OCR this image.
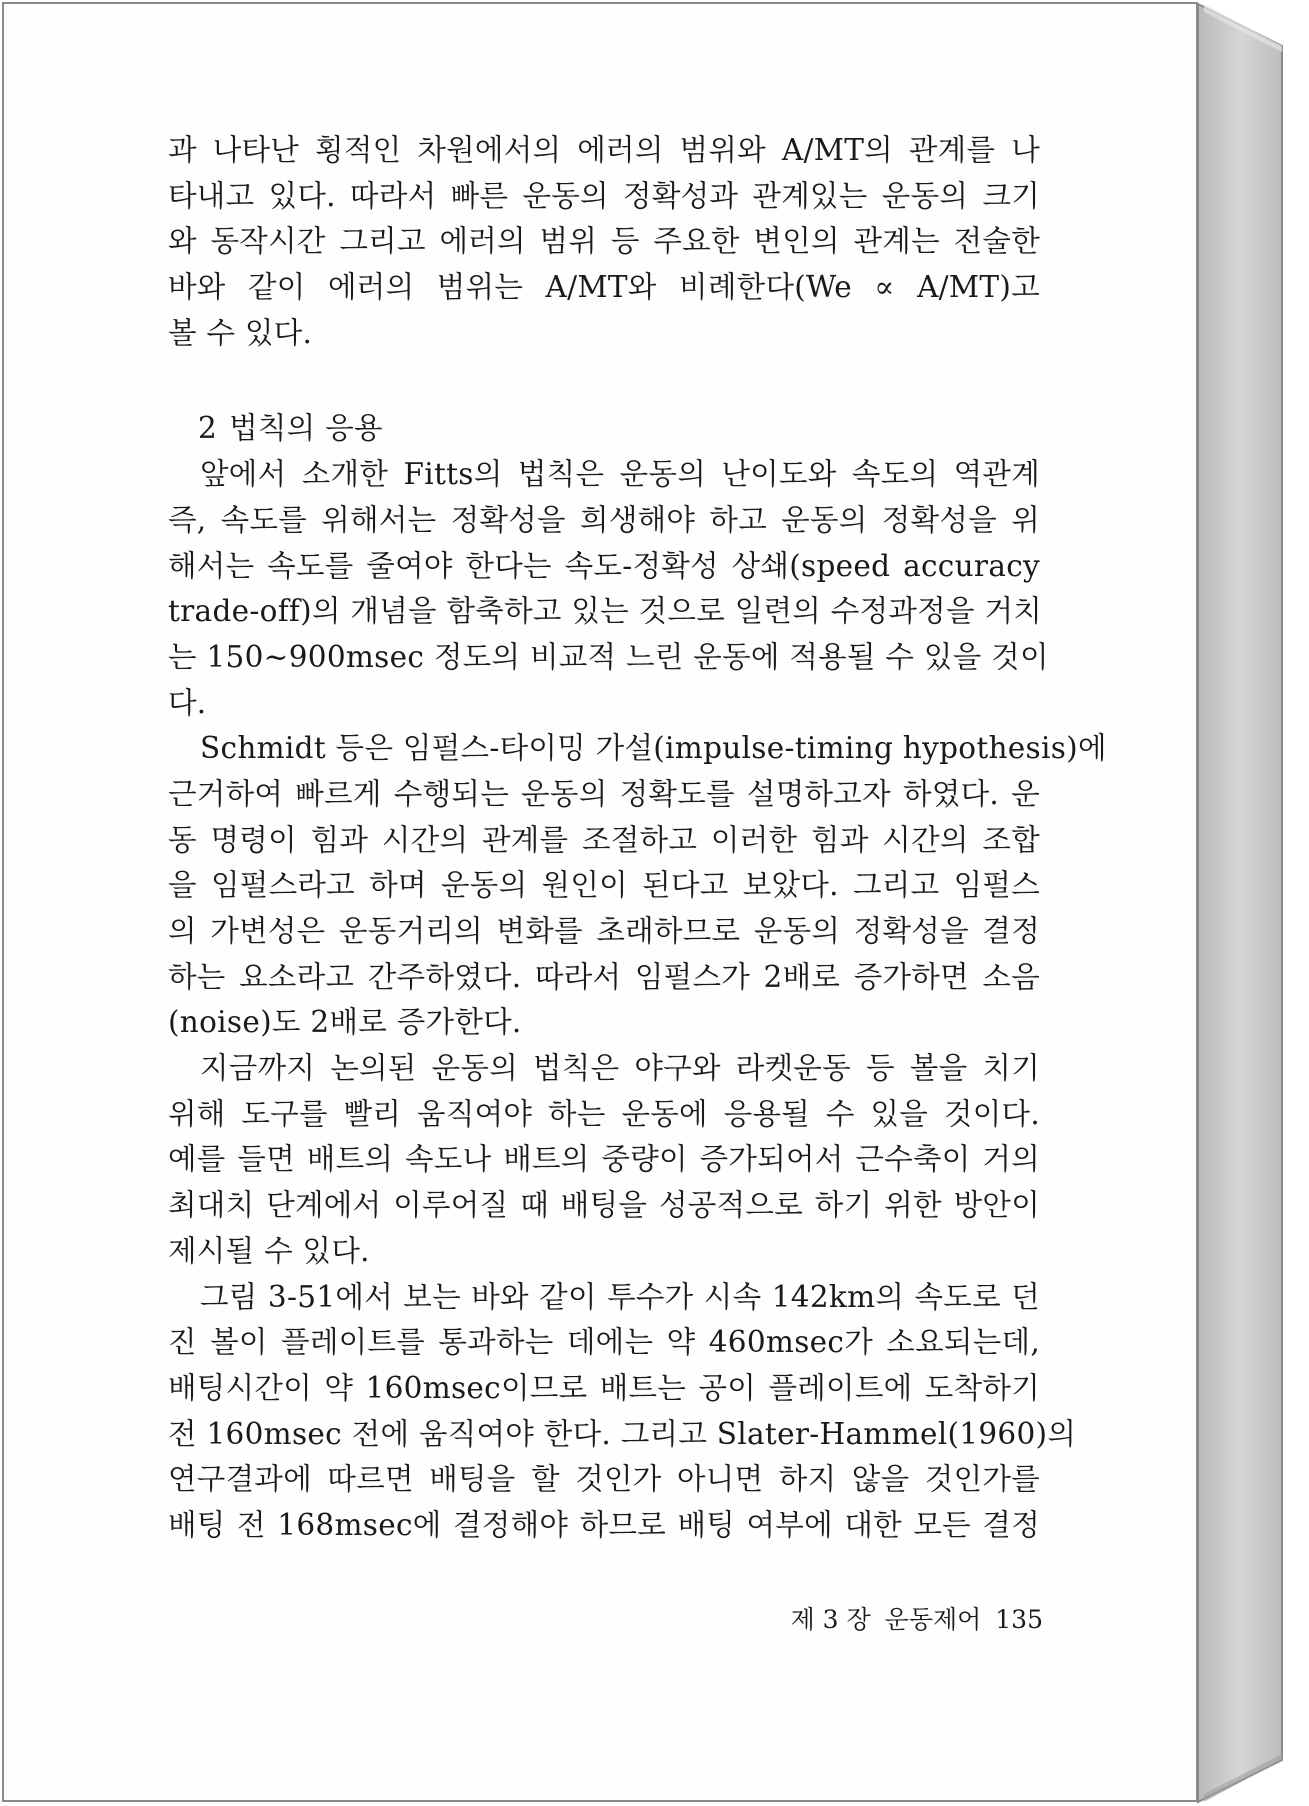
과 나타난 횡적인 차원에서의 에러의 범위와 A/MT의 관계를 나
타내고 있다. 따라서 빠른 운동의 정확성과 관계있는 운동의 크기
와 동작시간 그리고 에러의 범위 등 주요한 변인의 관계는 전술한
바와 같이 에러의 범위는 A/MT와 비례한다(We ∝ A/MT)고
볼 수 있다.
2 법칙의 응용
앞에서 소개한 Fitts의 법칙은 운동의 난이도와 속도의 역관계
즉, 속도를 위해서는 정확성을 희생해야 하고 운동의 정확성을 위
해서는 속도를 줄여야 한다는 속도-정확성 상쇄(speed accuracy
trade-off)의 개념을 함축하고 있는 것으로 일련의 수정과정을 거치
는 150~900msec 정도의 비교적 느린 운동에 적용될 수 있을 것이
다.
Schmidt 등은 임펄스-타이밍 가설(impulse-timing hypothesis)에
근거하여 빠르게 수행되는 운동의 정확도를 설명하고자 하였다. 운
동 명령이 힘과 시간의 관계를 조절하고 이러한 힘과 시간의 조합
을 임펄스라고 하며 운동의 원인이 된다고 보았다. 그리고 임펄스
의 가변성은 운동거리의 변화를 초래하므로 운동의 정확성을 결정
하는 요소라고 간주하였다. 따라서 임펄스가 2배로 증가하면 소음
(noise)도 2배로 증가한다.
지금까지 논의된 운동의 법칙은 야구와 라켓운동 등 볼을 치기
위해 도구를 빨리 움직여야 하는 운동에 응용될 수 있을 것이다.
예를 들면 배트의 속도나 배트의 중량이 증가되어서 근수축이 거의
최대치 단계에서 이루어질 때 배팅을 성공적으로 하기 위한 방안이
제시될 수 있다.
그림 3-51에서 보는 바와 같이 투수가 시속 142km의 속도로 던
진 볼이 플레이트를 통과하는 데에는 약 460msec가 소요되는데,
배팅시간이 약 160msec이므로 배트는 공이 플레이트에 도착하기
전 160msec 전에 움직여야 한다. 그리고 Slater-Hammel(1960)의
연구결과에 따르면 배팅을 할 것인가 아니면 하지 않을 것인가를
배팅 전 168msec에 결정해야 하므로 배팅 여부에 대한 모든 결정
제 3 장 운동제어 135
